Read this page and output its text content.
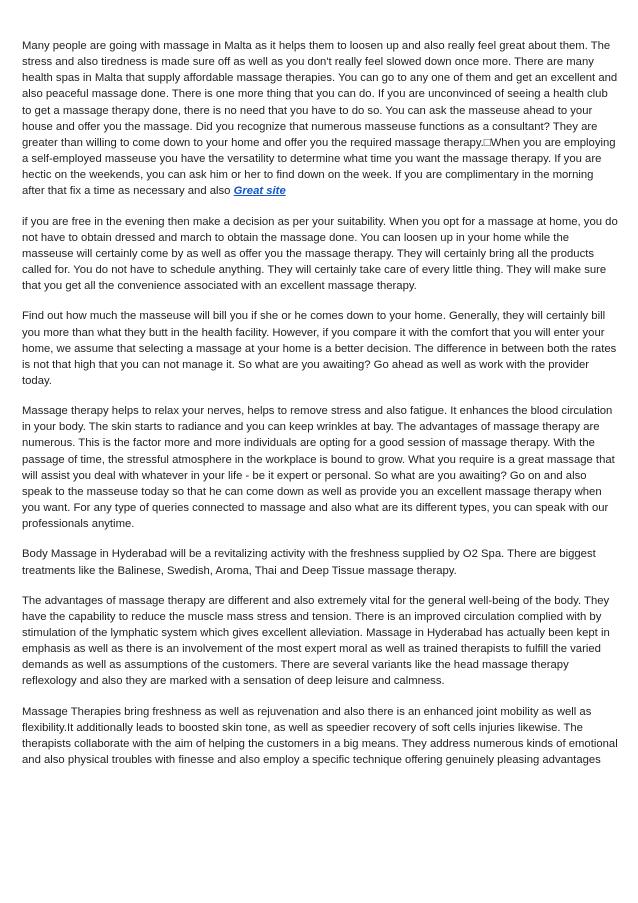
Many people are going with massage in Malta as it helps them to loosen up and also really feel great about them. The stress and also tiredness is made sure off as well as you don't really feel slowed down once more. There are many health spas in Malta that supply affordable massage therapies. You can go to any one of them and get an excellent and also peaceful massage done. There is one more thing that you can do. If you are unconvinced of seeing a health club to get a massage therapy done, there is no need that you have to do so. You can ask the masseuse ahead to your house and offer you the massage. Did you recognize that numerous masseuse functions as a consultant? They are greater than willing to come down to your home and offer you the required massage therapy.□When you are employing a self-employed masseuse you have the versatility to determine what time you want the massage therapy. If you are hectic on the weekends, you can ask him or her to find down on the week. If you are complimentary in the morning after that fix a time as necessary and also Great site

if you are free in the evening then make a decision as per your suitability. When you opt for a massage at home, you do not have to obtain dressed and march to obtain the massage done. You can loosen up in your home while the masseuse will certainly come by as well as offer you the massage therapy. They will certainly bring all the products called for. You do not have to schedule anything. They will certainly take care of every little thing. They will make sure that you get all the convenience associated with an excellent massage therapy.

Find out how much the masseuse will bill you if she or he comes down to your home. Generally, they will certainly bill you more than what they butt in the health facility. However, if you compare it with the comfort that you will enter your home, we assume that selecting a massage at your home is a better decision. The difference in between both the rates is not that high that you can not manage it. So what are you awaiting? Go ahead as well as work with the provider today.

Massage therapy helps to relax your nerves, helps to remove stress and also fatigue. It enhances the blood circulation in your body. The skin starts to radiance and you can keep wrinkles at bay. The advantages of massage therapy are numerous. This is the factor more and more individuals are opting for a good session of massage therapy. With the passage of time, the stressful atmosphere in the workplace is bound to grow. What you require is a great massage that will assist you deal with whatever in your life - be it expert or personal. So what are you awaiting? Go on and also speak to the masseuse today so that he can come down as well as provide you an excellent massage therapy when you want. For any type of queries connected to massage and also what are its different types, you can speak with our professionals anytime.

Body Massage in Hyderabad will be a revitalizing activity with the freshness supplied by O2 Spa. There are biggest treatments like the Balinese, Swedish, Aroma, Thai and Deep Tissue massage therapy.

The advantages of massage therapy are different and also extremely vital for the general well-being of the body. They have the capability to reduce the muscle mass stress and tension. There is an improved circulation complied with by stimulation of the lymphatic system which gives excellent alleviation. Massage in Hyderabad has actually been kept in emphasis as well as there is an involvement of the most expert moral as well as trained therapists to fulfill the varied demands as well as assumptions of the customers. There are several variants like the head massage therapy reflexology and also they are marked with a sensation of deep leisure and calmness.

Massage Therapies bring freshness as well as rejuvenation and also there is an enhanced joint mobility as well as flexibility.It additionally leads to boosted skin tone, as well as speedier recovery of soft cells injuries likewise. The therapists collaborate with the aim of helping the customers in a big means. They address numerous kinds of emotional and also physical troubles with finesse and also employ a specific technique offering genuinely pleasing advantages
